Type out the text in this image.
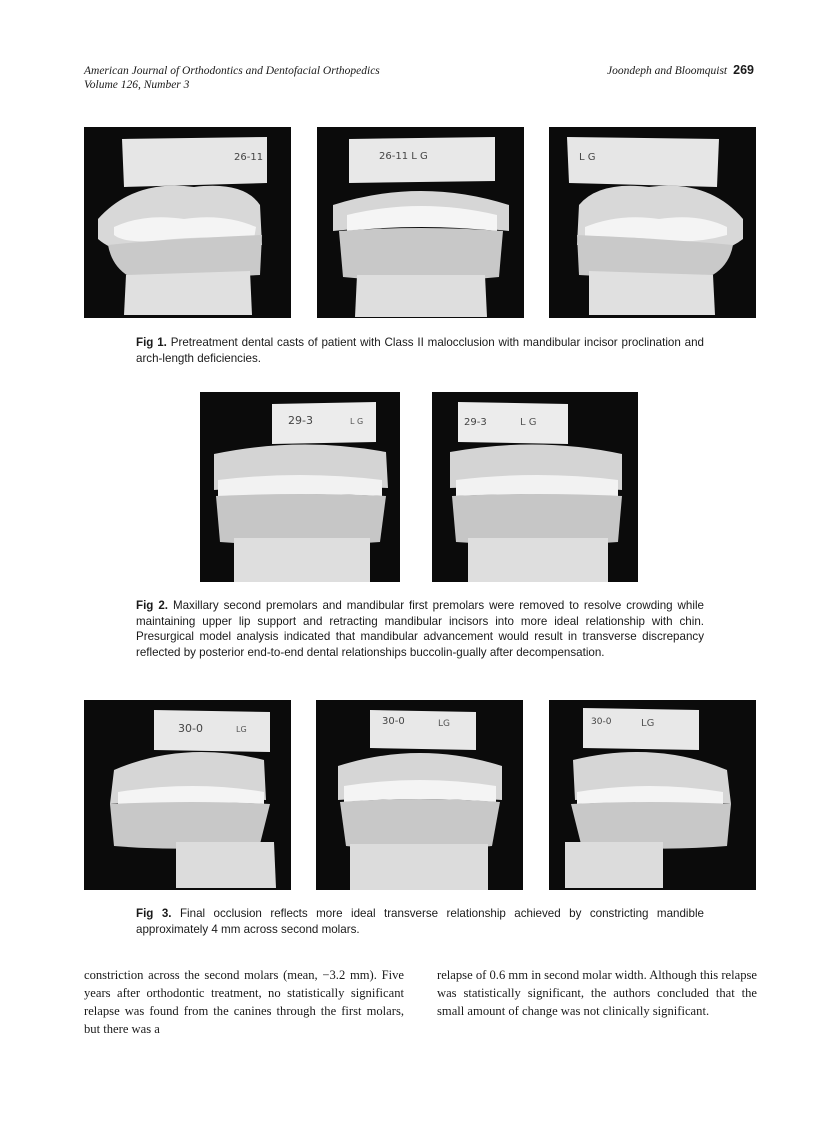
American Journal of Orthodontics and Dentofacial Orthopedics
Volume 126, Number 3
Joondeph and Bloomquist 269
26-11	26-11 L G	L G
Fig 1. Pretreatment dental casts of patient with Class II malocclusion with mandibular incisor proclination and arch-length deficiencies.
29-3	L G	29-3	L G
Fig 2. Maxillary second premolars and mandibular first premolars were removed to resolve crowding while maintaining upper lip support and retracting mandibular incisors into more ideal relationship with chin. Presurgical model analysis indicated that mandibular advancement would result in transverse discrepancy reflected by posterior end-to-end dental relationships buccolin-gually after decompensation.
30-0	LG
30-0	LG	30-0	LG
Fig 3. Final occlusion reflects more ideal transverse relationship achieved by constricting mandible approximately 4 mm across second molars.
constriction across the second molars (mean, −3.2 mm). Five years after orthodontic treatment, no statistically significant relapse was found from the canines through the first molars, but there was a
relapse of 0.6 mm in second molar width. Although this relapse was statistically significant, the authors concluded that the small amount of change was not clinically significant.
